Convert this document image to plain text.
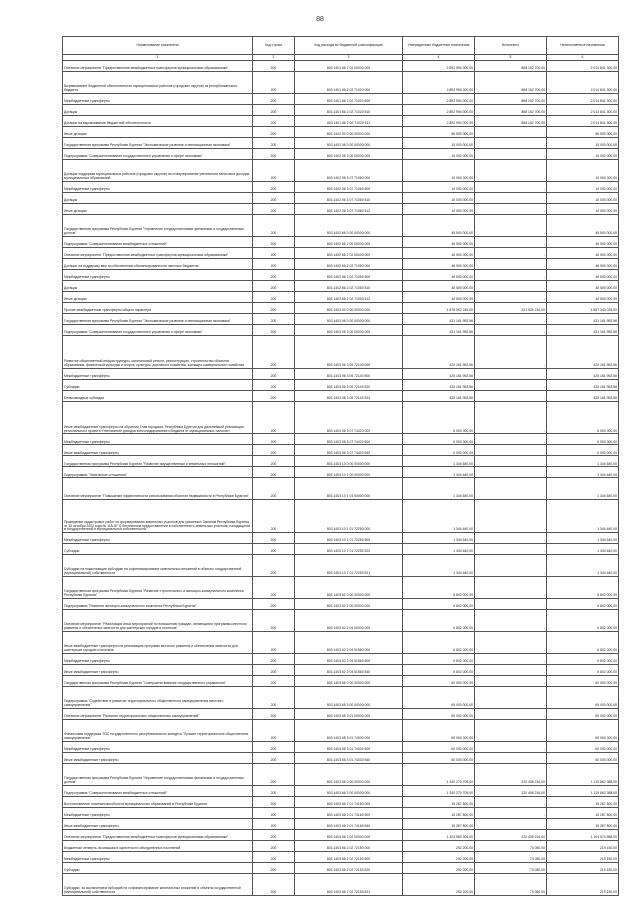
88
Наименование показателя	Код строки	Код расхода по бюджетной классификации	Утвержденные бюджетные назначения	Исполнено	Неисполненные назначения
1	2	3	4	5	6
Основное мероприятие "Предоставление межбюджетных трансфертов муниципальным образованиям"	200	803 1401 66 2 02 00000 000	2 892 994 000,00	868 152 700,00	2 014 841 300,00
Выравнивание бюджетной обеспеченности муниципальных районов (городских округов) из республиканского бюджета	200	803 1401 66 2 02 71020 000	2 892 994 000,00	868 152 700,00	2 014 841 300,00
Межбюджетные трансферты	200	803 1401 66 2 02 71020 500	2 892 994 000,00	868 152 700,00	2 014 841 300,00
Дотации	200	803 1401 66 2 02 71020 510	2 892 994 000,00	868 152 700,00	2 014 841 300,00
Дотации на выравнивание бюджетной обеспеченности	200	803 1401 66 2 02 71020 511	2 892 994 000,00	868 152 700,00	2 014 841 300,00
Иные дотации	200	803 1402 00 0 00 00000 000	56 500 000,00	-	56 500 000,00
Государственная программа Республики Бурятия "Экономическое развитие и инновационная экономика"	200	803 1402 06 0 00 00000 000	10 000 000,00	-	10 000 000,00
Подпрограмма "Совершенствование государственного управления в сфере экономики"	200	803 1402 06 3 00 00000 000	10 000 000,00	-	10 000 000,00
Дотации поддержки муниципальных районов (городских округов) на стимулирование увеличения налоговых доходов муниципальных образований	200	803 1402 06 3 07 71060 000	10 000 000,00	-	10 000 000,00
Межбюджетные трансферты	200	803 1402 06 3 07 71060 500	10 000 000,00	-	10 000 000,00
Дотации	200	803 1402 06 3 07 71060 510	10 000 000,00	-	10 000 000,00
Иные дотации	200	803 1402 06 3 07 71060 512	10 000 000,00	-	10 000 000,00
Государственная программа Республики Бурятия "Управление государственными финансами и государственным долгом"	200	803 1402 66 0 00 00000 000	46 500 000,00	-	46 500 000,00
Подпрограмма "Совершенствование межбюджетных отношений"	200	803 1402 66 2 00 00000 000	46 500 000,00	-	46 500 000,00
Основное мероприятие "Предоставление межбюджетных трансфертов муниципальным образованиям"	200	803 1402 66 2 02 00000 000	46 500 000,00	-	46 500 000,00
Дотации на поддержку мер по обеспечению сбалансированности местных бюджетов	200	803 1402 66 2 02 71050 000	46 500 000,00	-	46 500 000,00
Межбюджетные трансферты	200	803 1402 66 2 02 71050 500	46 500 000,00	-	46 500 000,00
Дотации	200	803 1402 66 2 02 71050 510	46 500 000,00	-	46 500 000,00
Иные дотации	200	803 1402 66 2 02 71050 512	46 500 000,00	-	46 500 000,00
Прочие межбюджетные трансферты общего характера	200	803 1403 00 0 00 00000 000	1 878 952 245,00	221 609 216,00	1 657 343 029,00
Государственная программа Республики Бурятия "Экономическое развитие и инновационная экономика"	200	803 1403 06 0 00 00000 000	431 161 952,56	-	431 161 952,56
Подпрограмма "Совершенствование государственного управления в сфере экономики"	200	803 1403 06 3 00 00000 000	431 161 952,56	-	431 161 952,56
Развитие общественной инфраструктуры, капитальный ремонт, реконструкция, строительство объектов образования, физической культуры и спорта, культуры, дорожного хозяйства, жилищно-коммунального хозяйства	200	803 1403 06 3 05 72140 000	425 161 952,56	-	425 161 952,56
Межбюджетные трансферты	200	803 1403 06 3 05 72140 500	425 161 952,56	-	425 161 952,56
Субсидии	200	803 1403 06 3 05 72140 520	425 161 952,56	-	425 161 952,56
Безвозмездные субсидии	200	803 1403 06 3 05 72140 523	425 161 952,56	-	425 161 952,56
Иные межбюджетные трансферты на обучение Глав городских Республики Бурятия для дальнейшей реализации регионального проекта «Увеличение доходов консолидированного бюджета от муниципальных налогов»	200	803 1403 06 3 07 74420 000	6 000 000,00	-	6 000 000,00
Межбюджетные трансферты	200	803 1403 06 3 07 74420 500	6 000 000,00	-	6 000 000,00
Иные межбюджетные трансферты	200	803 1403 06 3 07 74420 540	6 000 000,00	-	6 000 000,00
Государственная программа Республики Бурятия "Развитие имущественных и земельных отношений"	200	803 1403 10 0 00 00000 000	1 344 640,00	-	1 344 640,00
Подпрограмма "Земельные отношения"	200	803 1403 10 1 00 00000 000	1 344 640,00	-	1 344 640,00
Основное мероприятие "Повышение эффективности использования объектов недвижимости в Республике Бурятия"	200	803 1403 10 1 01 00000 000	1 344 640,00	-	1 344 640,00
Проведение кадастровых работ по формированию земельных участков для указанных Законом Республики Бурятия от 16 октября 2002 года № 115-III "О бесплатном предоставлении в собственность земельных участков, находящихся в государственной и муниципальной собственности"	200	803 1403 10 1 01 72250 000	1 344 640,00	-	1 344 640,00
Межбюджетные трансферты	200	803 1403 10 1 01 72250 500	1 344 640,00	-	1 344 640,00
Субсидии	200	803 1403 10 1 01 72250 520	1 344 640,00	-	1 344 640,00
Субсидии на позволяющие субсидию на софинансирование капитальных вложений в объекты государственной (муниципальной) собственности	200	803 1403 10 1 01 72250 521	1 344 640,00	-	1 344 640,00
Государственная программа Республики Бурятия "Развитие строительного и жилищно-коммунального комплекса Республики Бурятия"	200	803 1403 62 0 00 00000 000	6 802 000,00	-	6 802 000,00
Подпрограмма "Развитие жилищно-коммунального комплекса Республики Бурятия"	200	803 1403 62 2 00 00000 000	6 802 000,00	-	6 802 000,00
Основное мероприятие "Реализация иных мероприятий по повышению граждан, являющихся программы местного развития и обеспечения занятости для шахтерских городов и поселков"	200	803 1403 62 2 04 00000 000	6 802 000,00	-	6 802 000,00
Иные межбюджетные трансферты на реализацию программ местного развития и обеспечения занятости для шахтерских городов и поселков	200	803 1403 62 2 04 51560 000	6 802 000,00	-	6 802 000,00
Межбюджетные трансферты	200	803 1403 62 2 04 51560 500	6 802 000,00	-	6 802 000,00
Иные межбюджетные трансферты	200	803 1403 62 2 04 51560 540	6 802 000,00	-	6 802 000,00
Государственная программа Республики Бурятия "Совершенствование государственного управления"	200	803 1403 65 0 00 00000 000	60 000 000,00	-	60 000 000,00
Подпрограмма "Содействие в развитии территориального общественного самоуправления местного самоуправления"	200	803 1403 65 3 00 00000 000	60 000 000,00	-	60 000 000,00
Основное мероприятие "Развитие территориальных общественных самоуправлений"	200	803 1403 65 3 01 00000 000	60 000 000,00	-	60 000 000,00
Финансовая поддержка ТОС государственного республиканского конкурса "Лучшее территориальное общественное самоуправление"	200	803 1403 65 3 01 74030 000	60 000 000,00	-	60 000 000,00
Межбюджетные трансферты	200	803 1403 65 3 01 74030 500	60 000 000,00	-	60 000 000,00
Иные межбюджетные трансферты	200	803 1403 65 3 01 74030 540	60 000 000,00	-	60 000 000,00
Государственная программа Республики Бурятия "Управление государственными финансами и государственным долгом"	200	803 1403 66 0 00 00000 000	1 340 270 709,00	220 408 216,00	1 119 862 388,00
Подпрограмма "Совершенствование межбюджетных отношений"	200	803 1403 66 2 00 00000 000	1 340 270 709,00	220 408 216,00	1 119 862 388,00
Восстановление платежеспособности муниципальных образований в Республике Бурятия	200	803 1403 66 2 01 74160 000	15 287 800,00	-	15 287 800,00
Межбюджетные трансферты	200	803 1403 66 2 01 74160 500	15 287 800,00	-	15 287 800,00
Иные межбюджетные трансферты	200	803 1403 66 2 01 74160 540	15 287 800,00	-	15 287 800,00
Основное мероприятие "Предоставление межбюджетных трансфертов муниципальным образованиям"	200	803 1403 66 2 02 00000 000	1 324 983 909,00	220 408 216,00	1 104 574 588,00
Бюджетная четверть, возникшая в окрестности объединенных поселений	200	803 1403 66 2 02 72150 000	292 200,00	73 050,00	219 150,00
Межбюджетные трансферты	200	803 1403 66 2 02 72150 500	292 200,00	73 050,00	219 150,00
Субсидии	200	803 1403 66 2 02 72150 520	292 200,00	73 050,00	219 150,00
Субсидии, за исключением субсидий на софинансирование капитальных вложений в объекты государственной (муниципальной) собственности	200	803 1403 66 2 02 72150 521	292 200,00	73 050,00	219 150,00
